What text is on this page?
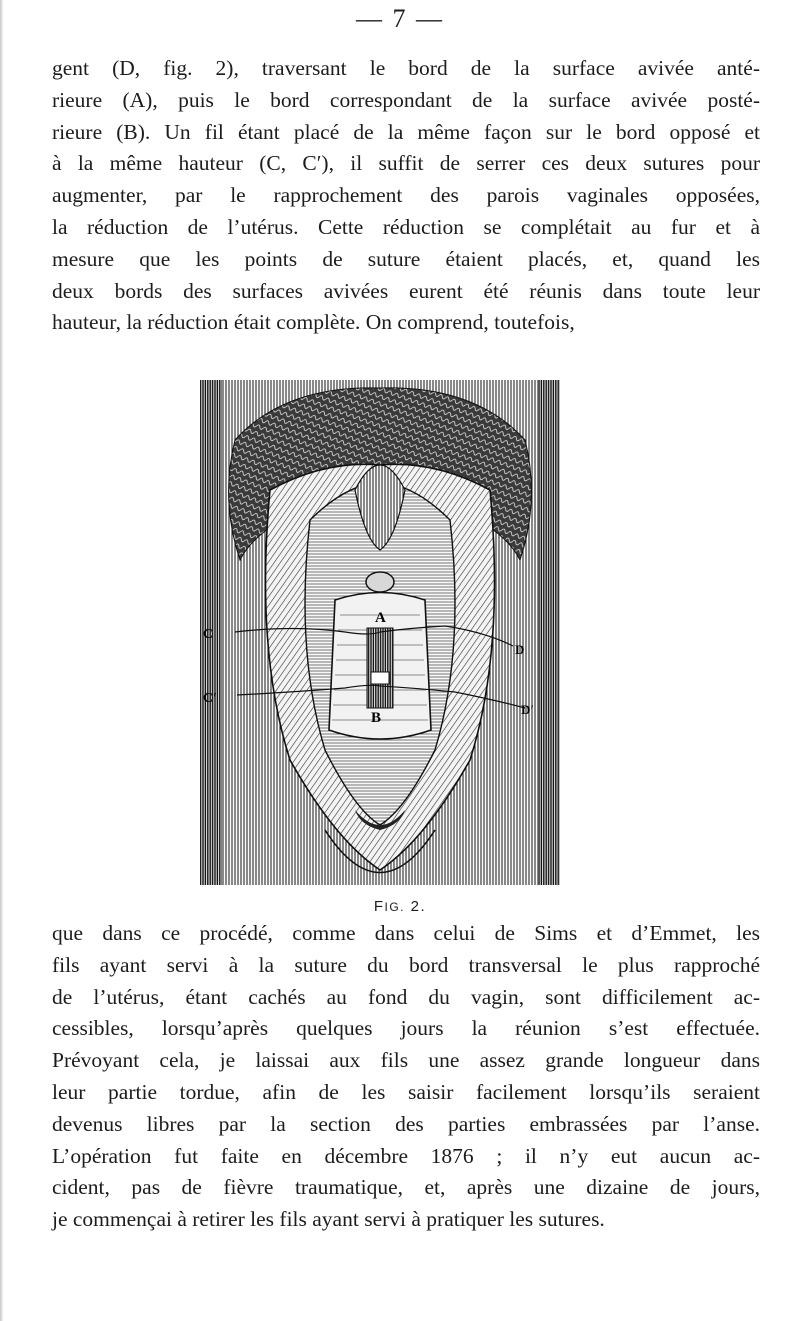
— 7 —
gent (D, fig. 2), traversant le bord de la surface avivée anté-
rieure (A), puis le bord correspondant de la surface avivée posté-
rieure (B). Un fil étant placé de la même façon sur le bord opposé et
à la même hauteur (C, C′), il suffit de serrer ces deux sutures pour
augmenter, par le rapprochement des parois vaginales opposées,
la réduction de l’utérus. Cette réduction se complétait au fur et à
mesure que les points de suture étaient placés, et, quand les
deux bords des surfaces avivées eurent été réunis dans toute leur
hauteur, la réduction était complète. On comprend, toutefois,
A
B
C
C′
D
D′
FIG. 2.
que dans ce procédé, comme dans celui de Sims et d’Emmet, les
fils ayant servi à la suture du bord transversal le plus rapproché
de l’utérus, étant cachés au fond du vagin, sont difficilement ac-
cessibles, lorsqu’après quelques jours la réunion s’est effectuée.
Prévoyant cela, je laissai aux fils une assez grande longueur dans
leur partie tordue, afin de les saisir facilement lorsqu’ils seraient
devenus libres par la section des parties embrassées par l’anse.
L’opération fut faite en décembre 1876 ; il n’y eut aucun ac-
cident, pas de fièvre traumatique, et, après une dizaine de jours,
je commençai à retirer les fils ayant servi à pratiquer les sutures.
